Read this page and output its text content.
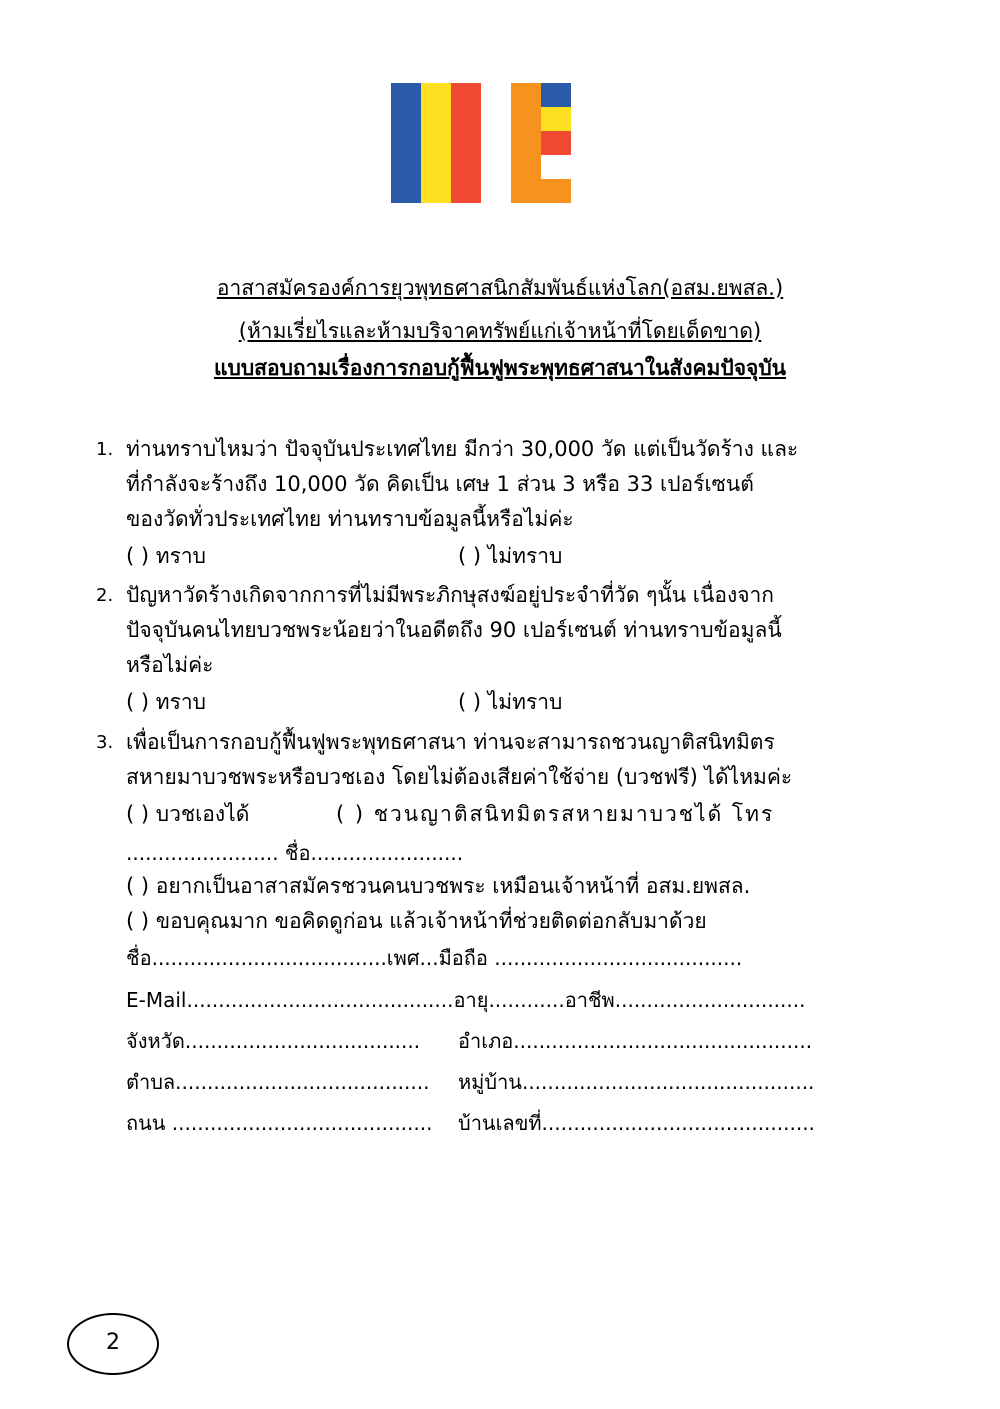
อาสาสมัครองค์การยุวพุทธศาสนิกสัมพันธ์แห่งโลก(อสม.ยพสล.)
(ห้ามเรี่ยไรและห้ามบริจาคทรัพย์แก่เจ้าหน้าที่โดยเด็ดขาด)
แบบสอบถามเรื่องการกอบกู้ฟื้นฟูพระพุทธศาสนาในสังคมปัจจุบัน
1. ท่านทราบไหมว่า ปัจจุบันประเทศไทย มีกว่า 30,000 วัด แต่เป็นวัดร้าง และ
ที่กำลังจะร้างถึง 10,000 วัด คิดเป็น เศษ 1 ส่วน 3 หรือ 33 เปอร์เซนต์
ของวัดทั่วประเทศไทย ท่านทราบข้อมูลนี้หรือไม่ค่ะ
( ) ทราบ	( ) ไม่ทราบ
2. ปัญหาวัดร้างเกิดจากการที่ไม่มีพระภิกษุสงฆ์อยู่ประจำที่วัด ๆนั้น เนื่องจาก
ปัจจุบันคนไทยบวชพระน้อยว่าในอดีตถึง 90 เปอร์เซนต์ ท่านทราบข้อมูลนี้
หรือไม่ค่ะ
( ) ทราบ	( ) ไม่ทราบ
3. เพื่อเป็นการกอบกู้ฟื้นฟูพระพุทธศาสนา ท่านจะสามารถชวนญาติสนิทมิตร
สหายมาบวชพระหรือบวชเอง โดยไม่ต้องเสียค่าใช้จ่าย (บวชฟรี) ได้ไหมค่ะ
( ) บวชเองได้	( ) ชวนญาติสนิทมิตรสหายมาบวชได้ โทร
........................ ชื่อ........................
( ) อยากเป็นอาสาสมัครชวนคนบวชพระ เหมือนเจ้าหน้าที่ อสม.ยพสล.
( ) ขอบคุณมาก ขอคิดดูก่อน แล้วเจ้าหน้าที่ช่วยติดต่อกลับมาด้วย
ชื่อ.....................................เพศ...มือถือ .......................................
E-Mail..........................................อายุ............อาชีพ..............................
จังหวัด..................................... อำเภอ...............................................
ตำบล........................................ หมู่บ้าน..............................................
ถนน ......................................... บ้านเลขที่...........................................
2
